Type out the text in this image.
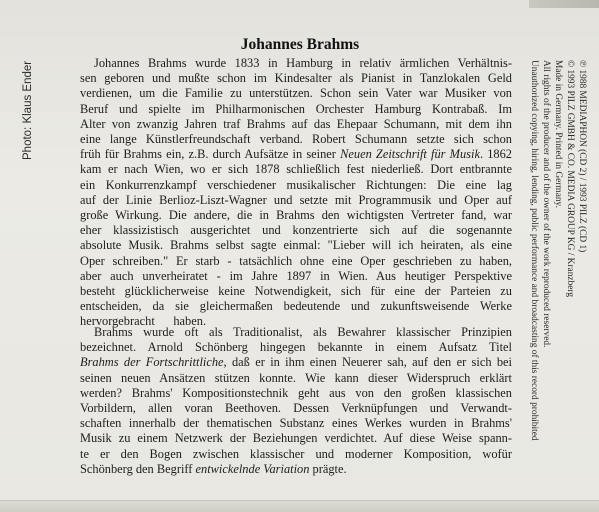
Photo: Klaus Ender
Johannes Brahms
Johannes Brahms wurde 1833 in Hamburg in relativ ärmlichen Verhältnis-
sen geboren und mußte schon im Kindesalter als Pianist in Tanzlokalen Geld
verdienen, um die Familie zu unterstützen. Schon sein Vater war Musiker von
Beruf und spielte im Philharmonischen Orchester Hamburg Kontrabaß. Im
Alter von zwanzig Jahren traf Brahms auf das Ehepaar Schumann, mit dem ihn
eine lange Künstlerfreundschaft verband. Robert Schumann setzte sich schon
früh für Brahms ein, z.B. durch Aufsätze in seiner Neuen Zeitschrift für Musik. 1862
kam er nach Wien, wo er sich 1878 schließlich fest niederließ. Dort entbrannte
ein Konkurrenzkampf verschiedener musikalischer Richtungen: Die eine lag
auf der Linie Berlioz-Liszt-Wagner und setzte mit Programmusik und Oper auf
große Wirkung. Die andere, die in Brahms den wichtigsten Vertreter fand, war
eher klassizistisch ausgerichtet und konzentrierte sich auf die sogenannte
absolute Musik. Brahms selbst sagte einmal: "Lieber will ich heiraten, als eine
Oper schreiben." Er starb - tatsächlich ohne eine Oper geschrieben zu haben,
aber auch unverheiratet - im Jahre 1897 in Wien. Aus heutiger Perspektive
besteht glücklicherweise keine Notwendigkeit, sich für eine der Parteien zu
entscheiden, da sie gleichermaßen bedeutende und zukunftsweisende Werke
hervorgebracht      haben.
Brahms wurde oft als Traditionalist, als Bewahrer klassischer Prinzipien
bezeichnet. Arnold Schönberg hingegen bekannte in einem Aufsatz Titel
Brahms der Fortschrittliche, daß er in ihm einen Neuerer sah, auf den er sich bei
seinen neuen Ansätzen stützen konnte. Wie kann dieser Widerspruch erklärt
werden? Brahms' Kompositionstechnik geht aus von den großen klassischen
Vorbildern, allen voran Beethoven. Dessen Verknüpfungen und Verwandt-
schaften innerhalb der thematischen Substanz eines Werkes wurden in Brahms'
Musik zu einem Netzwerk der Beziehungen verdichtet. Auf diese Weise spann-
te er den Bogen zwischen klassischer und moderner Komposition, wofür
Schönberg den Begriff entwickelnde Variation prägte.
℗ 1988 MEDIAPHON (CD 2) / 1993 PILZ (CD 1)
© 1993 PILZ GMBH & CO. MEDIA GROUP KG / Kranzberg
Made in Germany. Printed in Germany.
All rights of the producer and of the owner of the work reproduced reserved.
Unauthorized copying, hiring, lending, public performance and broadcasting of this record prohibited
